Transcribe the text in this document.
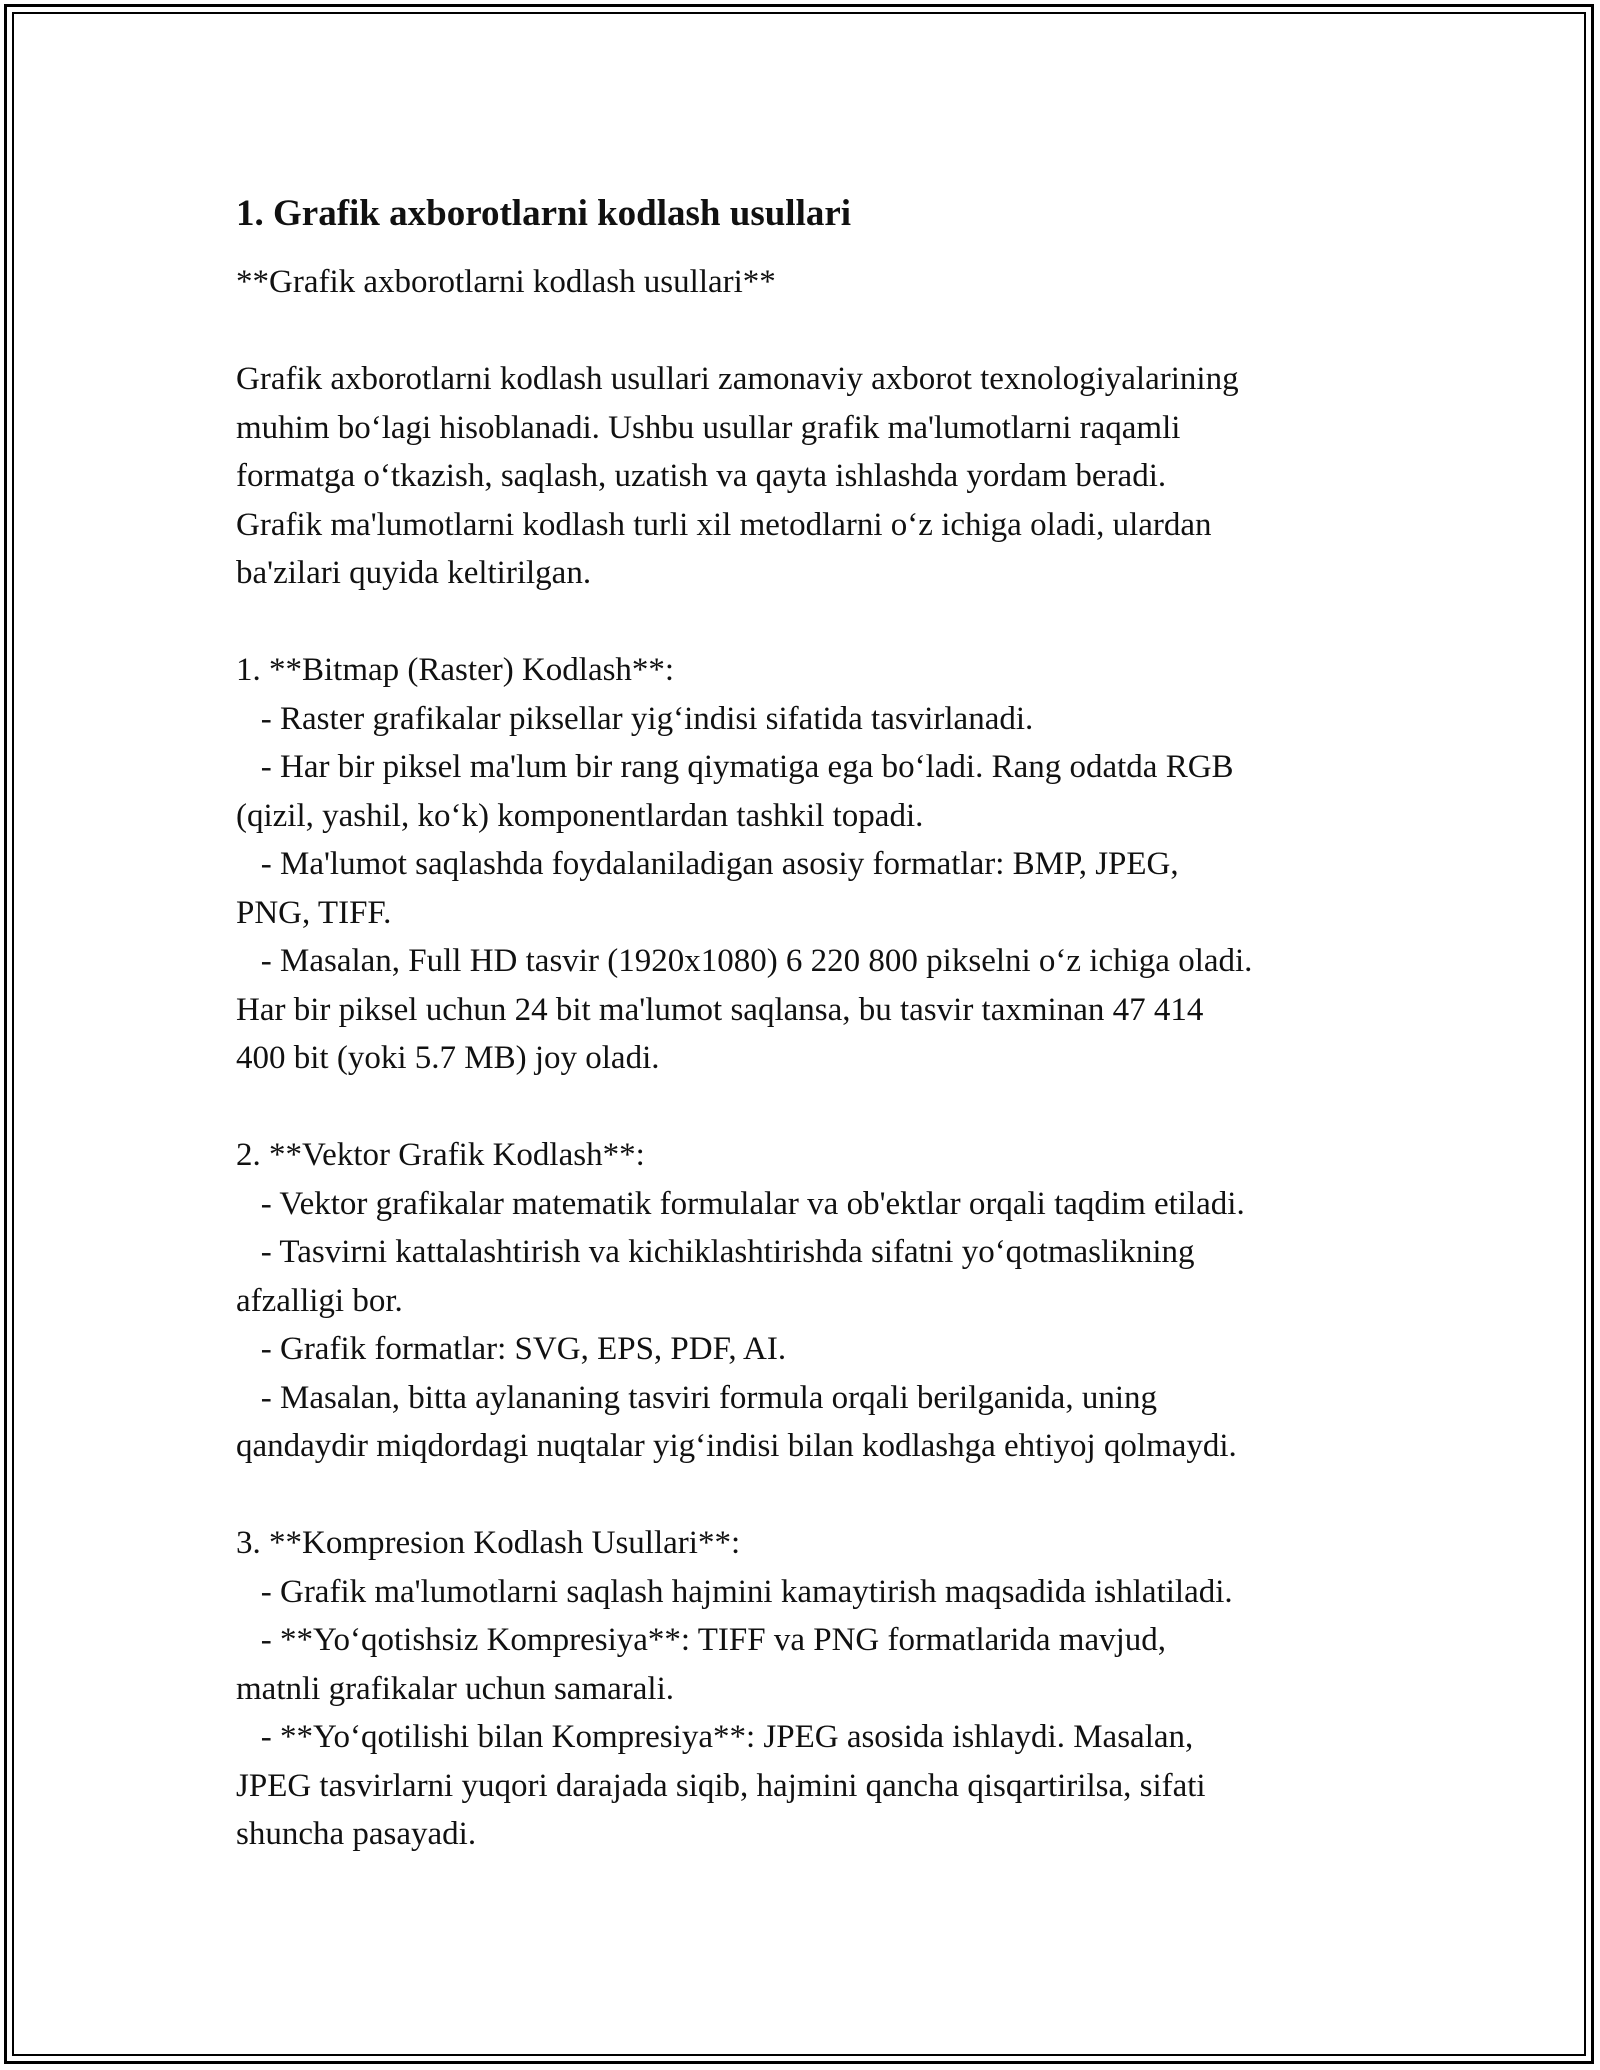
1. Grafik axborotlarni kodlash usullari
**Grafik axborotlarni kodlash usullari**
Grafik axborotlarni kodlash usullari zamonaviy axborot texnologiyalarining
muhim bo‘lagi hisoblanadi. Ushbu usullar grafik ma'lumotlarni raqamli
formatga o‘tkazish, saqlash, uzatish va qayta ishlashda yordam beradi.
Grafik ma'lumotlarni kodlash turli xil metodlarni o‘z ichiga oladi, ulardan
ba'zilari quyida keltirilgan.
1. **Bitmap (Raster) Kodlash**:
- Raster grafikalar piksellar yig‘indisi sifatida tasvirlanadi.
- Har bir piksel ma'lum bir rang qiymatiga ega bo‘ladi. Rang odatda RGB
(qizil, yashil, ko‘k) komponentlardan tashkil topadi.
- Ma'lumot saqlashda foydalaniladigan asosiy formatlar: BMP, JPEG,
PNG, TIFF.
- Masalan, Full HD tasvir (1920x1080) 6 220 800 pikselni o‘z ichiga oladi.
Har bir piksel uchun 24 bit ma'lumot saqlansa, bu tasvir taxminan 47 414
400 bit (yoki 5.7 MB) joy oladi.
2. **Vektor Grafik Kodlash**:
- Vektor grafikalar matematik formulalar va ob'ektlar orqali taqdim etiladi.
- Tasvirni kattalashtirish va kichiklashtirishda sifatni yo‘qotmaslikning
afzalligi bor.
- Grafik formatlar: SVG, EPS, PDF, AI.
- Masalan, bitta aylananing tasviri formula orqali berilganida, uning
qandaydir miqdordagi nuqtalar yig‘indisi bilan kodlashga ehtiyoj qolmaydi.
3. **Kompresion Kodlash Usullari**:
- Grafik ma'lumotlarni saqlash hajmini kamaytirish maqsadida ishlatiladi.
- **Yo‘qotishsiz Kompresiya**: TIFF va PNG formatlarida mavjud,
matnli grafikalar uchun samarali.
- **Yo‘qotilishi bilan Kompresiya**: JPEG asosida ishlaydi. Masalan,
JPEG tasvirlarni yuqori darajada siqib, hajmini qancha qisqartirilsa, sifati
shuncha pasayadi.
